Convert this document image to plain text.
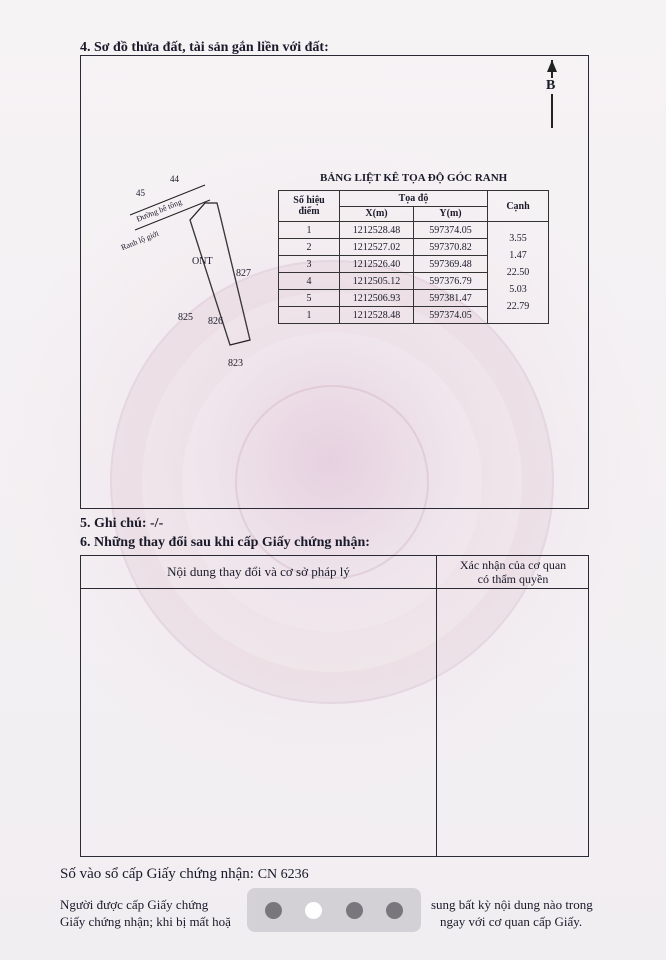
4. Sơ đồ thửa đất, tài sản gắn liền với đất:
B
45
44
Đường bê tông
Ranh lộ giới
ONT
827
825 826
823
BẢNG LIỆT KÊ TỌA ĐỘ GÓC RANH
Số hiệu điểm	Tọa độ		Cạnh
	X(m)	Y(m)	
1	1212528.48	597374.05	3.55
1.47
22.50
5.03
22.79

2	1212527.02	597370.82	
3	1212526.40	597369.48	
4	1212505.12	597376.79	
5	1212506.93	597381.47	
1	1212528.48	597374.05	
5. Ghi chú: -/-
6. Những thay đổi sau khi cấp Giấy chứng nhận:
Nội dung thay đổi và cơ sở pháp lý	Xác nhận của cơ quan
có thẩm quyền
Số vào sổ cấp Giấy chứng nhận: CN 6236
Người được cấp Giấy chứng	sung bất kỳ nội dung nào trong
Giấy chứng nhận; khi bị mất hoặ	ngay với cơ quan cấp Giấy.
